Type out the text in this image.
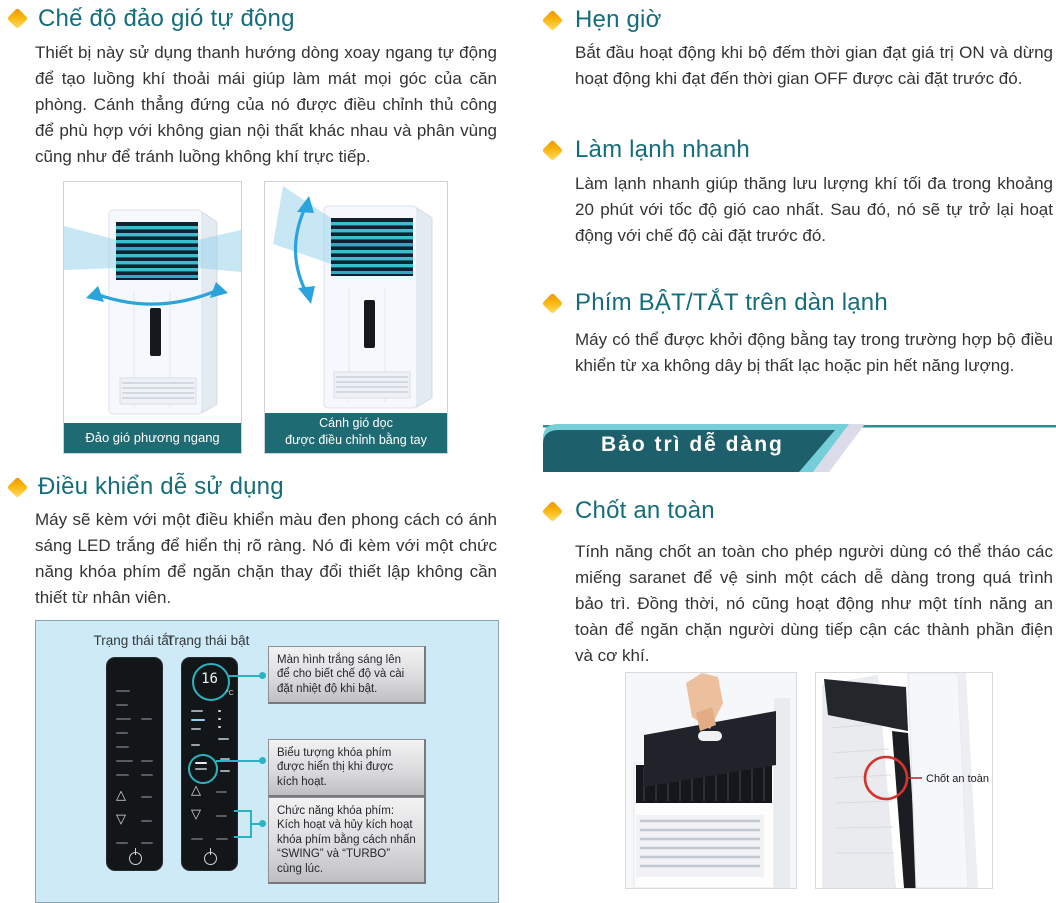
Chế độ đảo gió tự động
Thiết bị này sử dụng thanh hướng dòng xoay ngang tự động để tạo luồng khí thoải mái giúp làm mát mọi góc của căn phòng. Cánh thẳng đứng của nó được điều chỉnh thủ công để phù hợp với không gian nội thất khác nhau và phân vùng cũng như để tránh luồng không khí trực tiếp.
Đảo gió phương ngang
Cánh gió dọc
được điều chỉnh bằng tay
Điều khiển dễ sử dụng
Máy sẽ kèm với một điều khiển màu đen phong cách có ánh sáng LED trắng để hiển thị rõ ràng. Nó đi kèm với một chức năng khóa phím để ngăn chặn thay đổi thiết lập không cần thiết từ nhân viên.
Trạng thái tắt
Trạng thái bật
△
▽
16
°C
△
▽
Màn hình trắng sáng lên để cho biết chế độ và cài đặt nhiệt độ khi bật.
Biểu tượng khóa phím được hiển thị khi được kích hoạt.
Chức năng khóa phím: Kích hoạt và hủy kích hoạt khóa phím bằng cách nhấn “SWING” và “TURBO” cùng lúc.
Hẹn giờ
Bắt đầu hoạt động khi bộ đếm thời gian đạt giá trị ON và dừng hoạt động khi đạt đến thời gian OFF được cài đặt trước đó.
Làm lạnh nhanh
Làm lạnh nhanh giúp thăng lưu lượng khí tối đa trong khoảng 20 phút với tốc độ gió cao nhất. Sau đó, nó sẽ tự trở lại hoạt động với chế độ cài đặt trước đó.
Phím BẬT/TẮT trên dàn lạnh
Máy có thể được khởi động bằng tay trong trường hợp bộ điều khiển từ xa không dây bị thất lạc hoặc pin hết năng lượng.
Bảo trì dễ dàng
Chốt an toàn
Tính năng chốt an toàn cho phép người dùng có thể tháo các miếng saranet để vệ sinh một cách dễ dàng trong quá trình bảo trì. Đồng thời, nó cũng hoạt động như một tính năng an toàn để ngăn chặn người dùng tiếp cận các thành phần điện và cơ khí.
Chốt an toàn
